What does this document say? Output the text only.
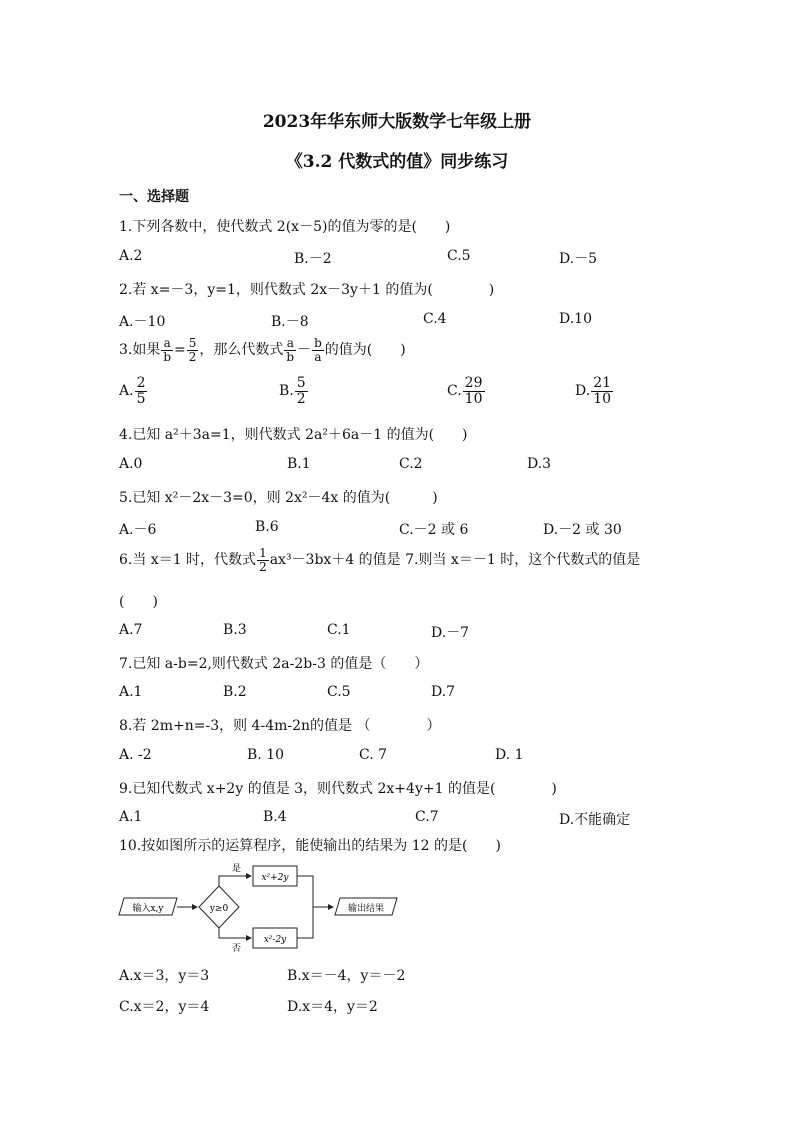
2023年华东师大版数学七年级上册
《3.2 代数式的值》同步练习
一、选择题
1.下列各数中，使代数式 2(x－5)的值为零的是(　　)
A.2	B.－2	C.5	D.－5
2.若 x=－3，y=1，则代数式 2x－3y＋1 的值为(　　　　)
A.－10	B.－8	C.4	D.10
3.如果 $\frac{a}{b} = \frac{5}{2}$ ，那么代数式 $\frac{a}{b} - \frac{b}{a}$ 的值为(　　)
A. $\frac{2}{5}$	B. $\frac{5}{2}$	C. $\frac{29}{10}$	D. $\frac{21}{10}$
4.已知 a²＋3a=1，则代数式 2a²＋6a－1 的值为(　　)
A.0	B.1	C.2	D.3
5.已知 x²－2x－3=0，则 2x²－4x 的值为(　　　)
A.－6	B.6	C.－2 或 6	D.－2 或 30
6.当 x＝1 时，代数式 $\frac{1}{2} ax^3-3bx+4$ 的值是 7.则当 x＝－1 时，这个代数式的值是
(　　)
A.7	B.3	C.1	D.－7
7.已知 a-b=2,则代数式 2a-2b-3 的值是（　　）
A.1	B.2	C.5	D.7
8.若 2m+n=-3，则 4-4m-2n的值是 （　　　　）
A. -2	B. 10	C. 7	D. 1
9.已知代数式 x+2y 的值是 3，则代数式 2x+4y+1 的值是(　　　　)
A.1	B.4	C.7	D.不能确定
10.按如图所示的运算程序，能使输出的结果为 12 的是(　　)
输入x,y	y≥0
是
x²+2y
否
x²-2y
输出结果
A.x＝3，y＝3	B.x＝－4，y＝－2
C.x＝2，y＝4	D.x＝4，y＝2
